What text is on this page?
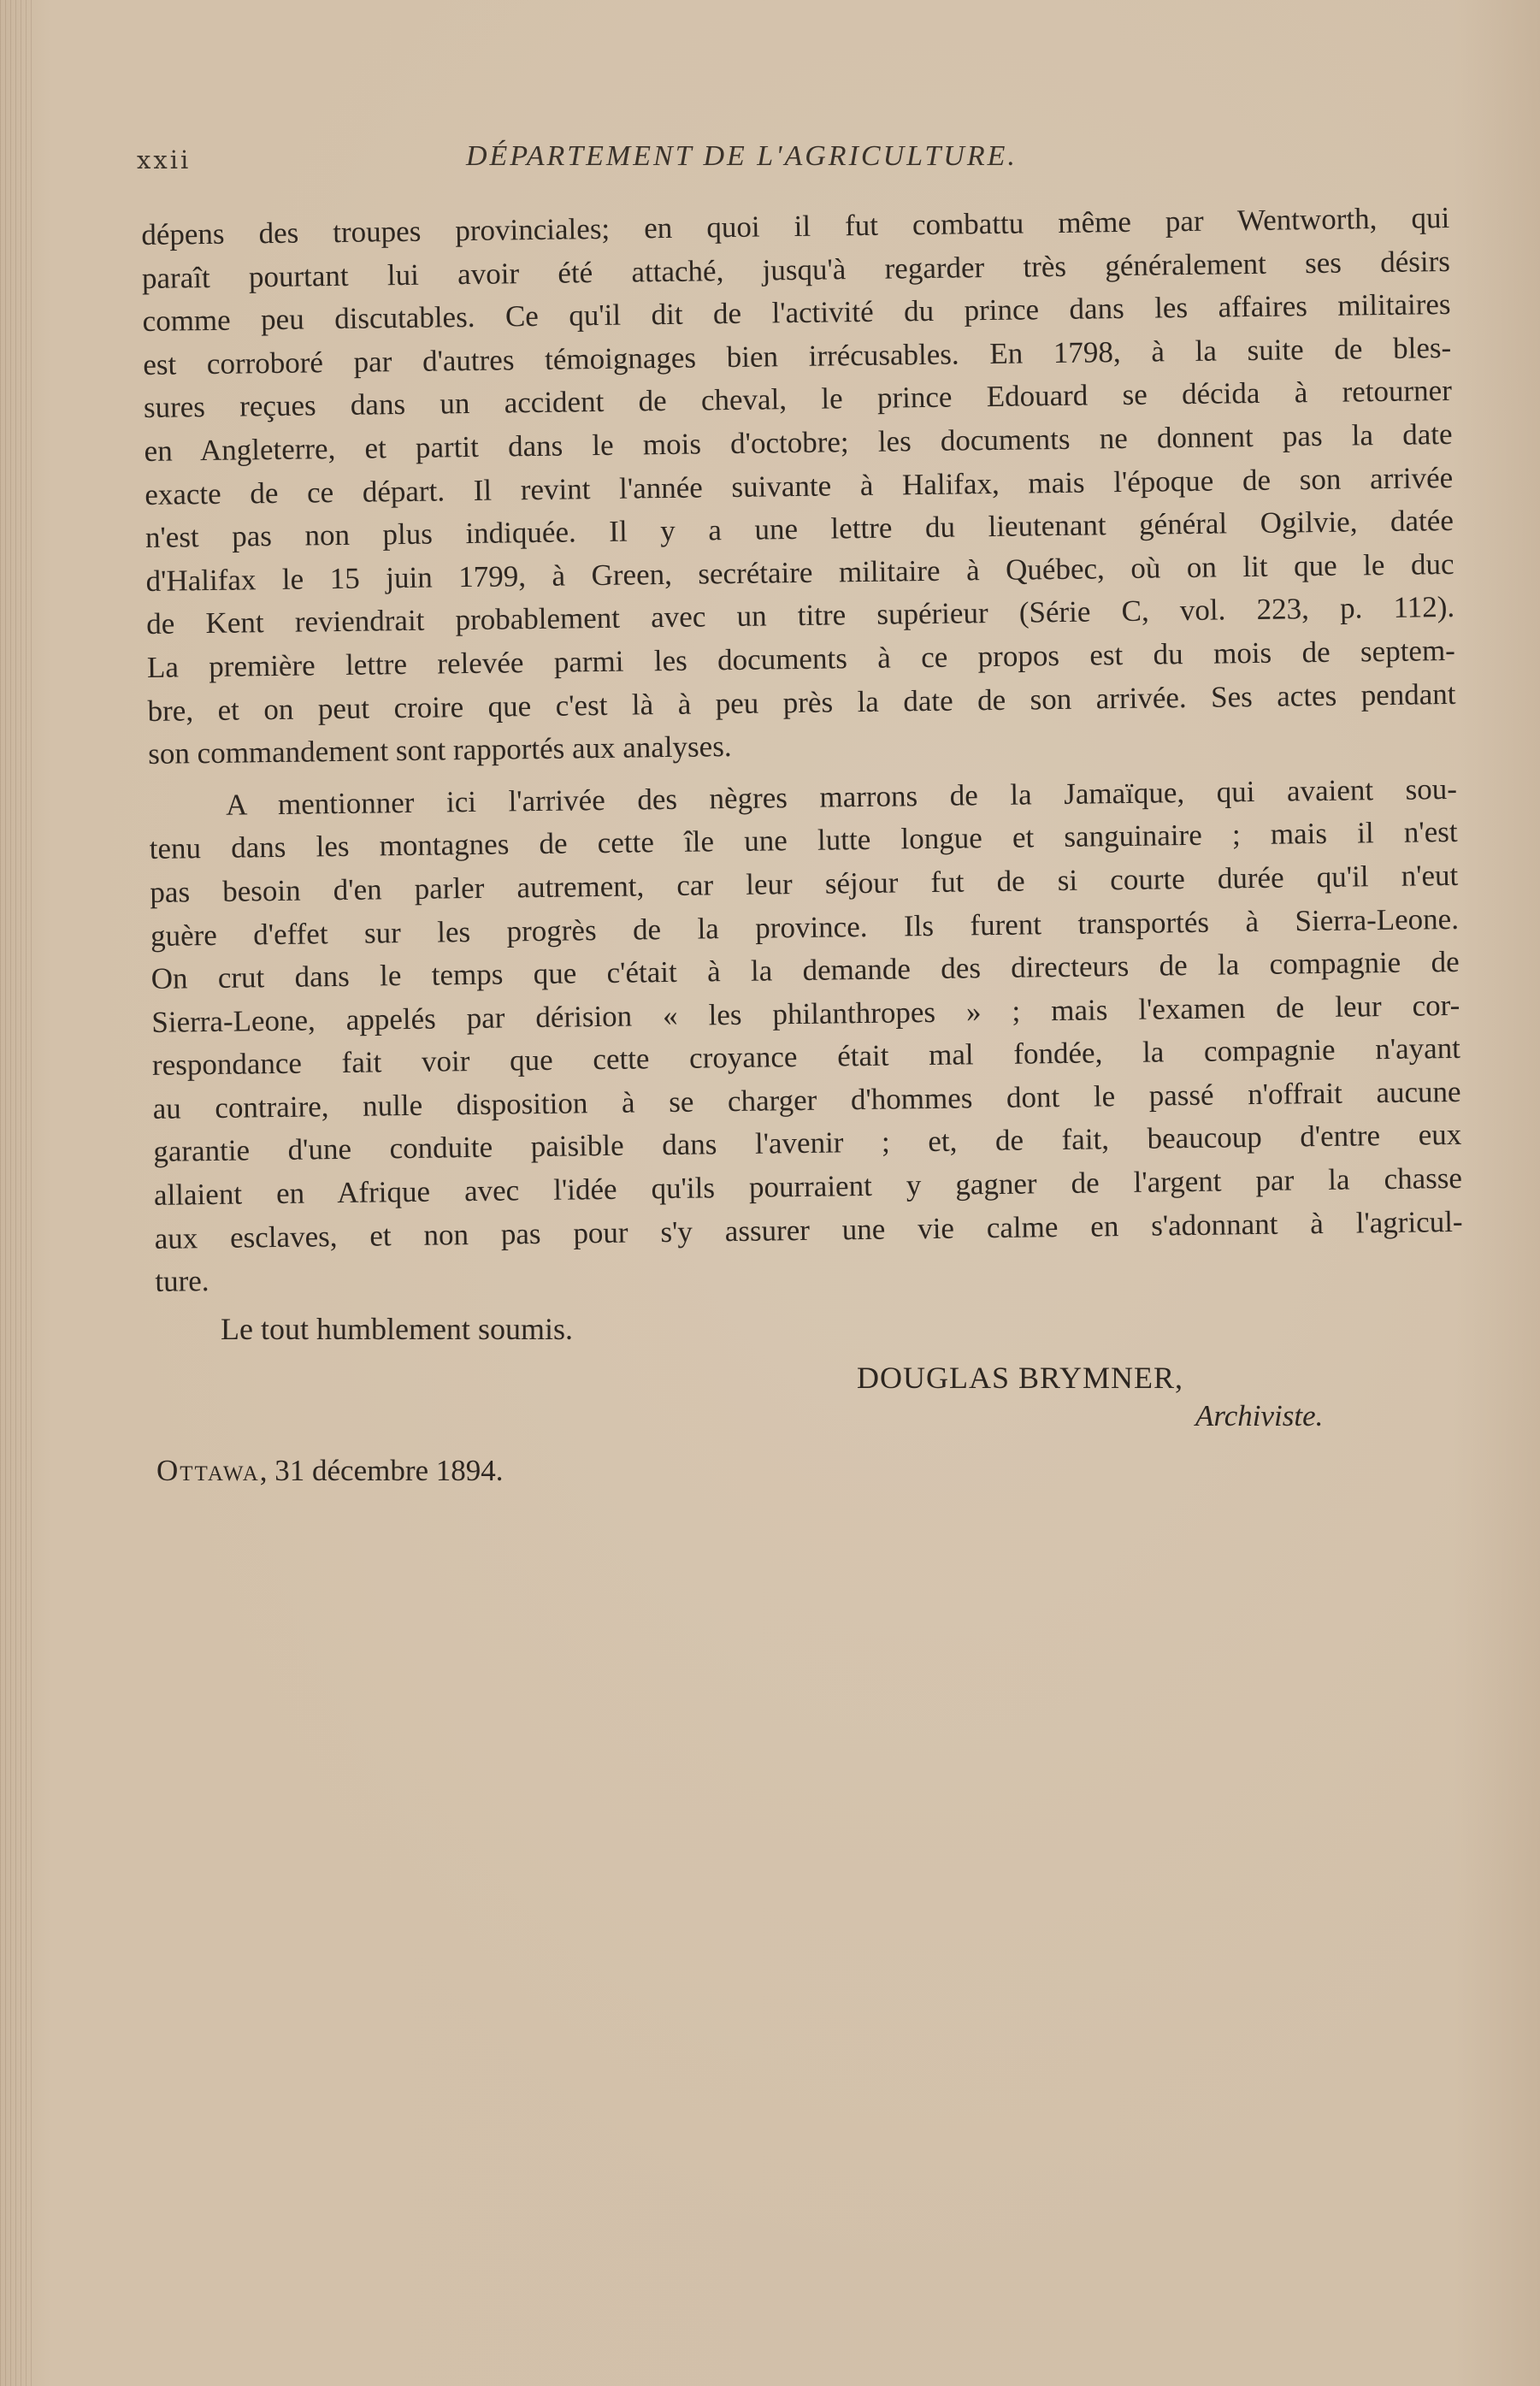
xxii	DÉPARTEMENT DE L'AGRICULTURE.

dépens des troupes provinciales; en quoi il fut combattu même par Wentworth, qui
paraît pourtant lui avoir été attaché, jusqu'à regarder très généralement ses désirs
comme peu discutables. Ce qu'il dit de l'activité du prince dans les affaires militaires
est corroboré par d'autres témoignages bien irrécusables. En 1798, à la suite de bles-
sures reçues dans un accident de cheval, le prince Edouard se décida à retourner
en Angleterre, et partit dans le mois d'octobre; les documents ne donnent pas la date
exacte de ce départ. Il revint l'année suivante à Halifax, mais l'époque de son arrivée
n'est pas non plus indiquée. Il y a une lettre du lieutenant général Ogilvie, datée
d'Halifax le 15 juin 1799, à Green, secrétaire militaire à Québec, où on lit que le duc
de Kent reviendrait probablement avec un titre supérieur (Série C, vol. 223, p. 112).
La première lettre relevée parmi les documents à ce propos est du mois de septem-
bre, et on peut croire que c'est là à peu près la date de son arrivée. Ses actes pendant
son commandement sont rapportés aux analyses.

A mentionner ici l'arrivée des nègres marrons de la Jamaïque, qui avaient sou-
tenu dans les montagnes de cette île une lutte longue et sanguinaire ; mais il n'est
pas besoin d'en parler autrement, car leur séjour fut de si courte durée qu'il n'eut
guère d'effet sur les progrès de la province. Ils furent transportés à Sierra-Leone.
On crut dans le temps que c'était à la demande des directeurs de la compagnie de
Sierra-Leone, appelés par dérision « les philanthropes » ; mais l'examen de leur cor-
respondance fait voir que cette croyance était mal fondée, la compagnie n'ayant
au contraire, nulle disposition à se charger d'hommes dont le passé n'offrait aucune
garantie d'une conduite paisible dans l'avenir ; et, de fait, beaucoup d'entre eux
allaient en Afrique avec l'idée qu'ils pourraient y gagner de l'argent par la chasse
aux esclaves, et non pas pour s'y assurer une vie calme en s'adonnant à l'agricul-
ture.

Le tout humblement soumis.
DOUGLAS BRYMNER,
Archiviste.
Ottawa, 31 décembre 1894.
